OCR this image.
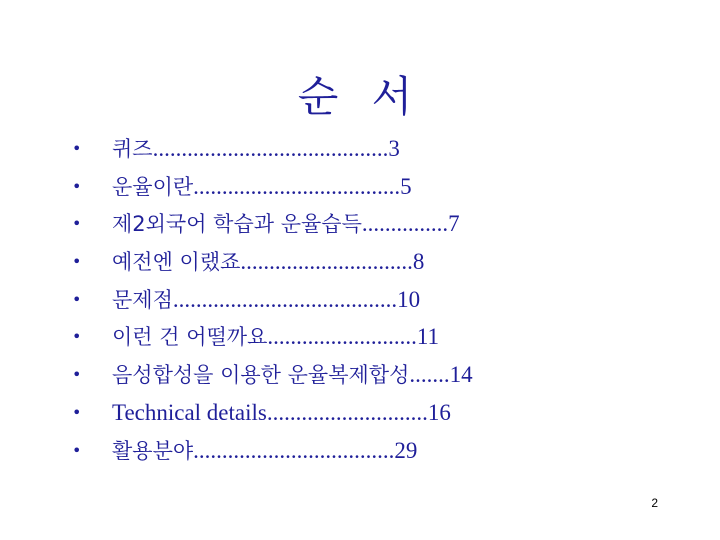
순 서
• 퀴즈.........................................3
• 운율이란....................................5
• 제2외국어 학습과 운율습득...............7
• 예전엔 이랬죠..............................8
• 문제점.......................................10
• 이런 건 어떨까요..........................11
• 음성합성을 이용한 운율복제합성.......14
• Technical details............................16
• 활용분야...................................29
2
